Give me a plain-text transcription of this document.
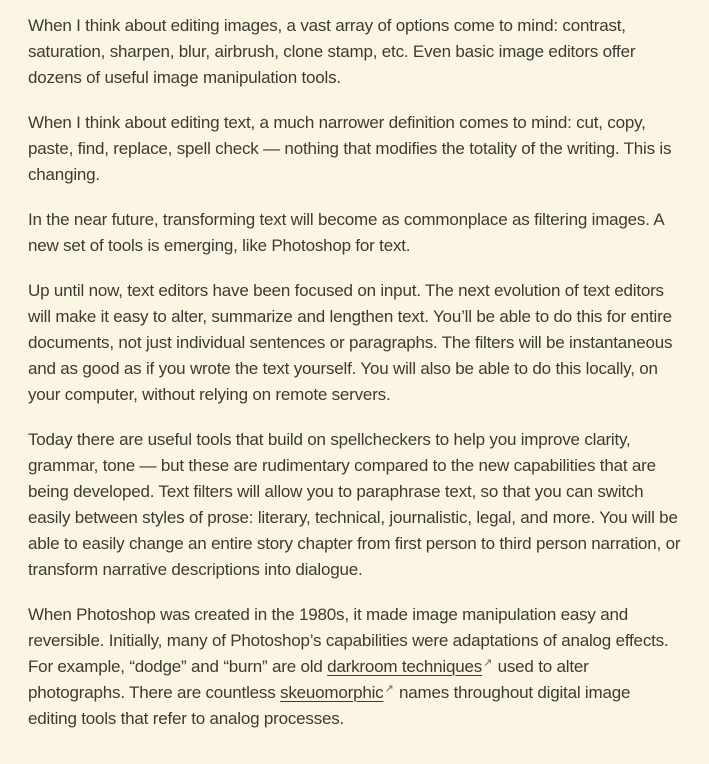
When I think about editing images, a vast array of options come to mind: contrast, saturation, sharpen, blur, airbrush, clone stamp, etc. Even basic image editors offer dozens of useful image manipulation tools.

When I think about editing text, a much narrower definition comes to mind: cut, copy, paste, find, replace, spell check — nothing that modifies the totality of the writing. This is changing.

In the near future, transforming text will become as commonplace as filtering images. A new set of tools is emerging, like Photoshop for text.

Up until now, text editors have been focused on input. The next evolution of text editors will make it easy to alter, summarize and lengthen text. You’ll be able to do this for entire documents, not just individual sentences or paragraphs. The filters will be instantaneous and as good as if you wrote the text yourself. You will also be able to do this locally, on your computer, without relying on remote servers.

Today there are useful tools that build on spellcheckers to help you improve clarity, grammar, tone — but these are rudimentary compared to the new capabilities that are being developed. Text filters will allow you to paraphrase text, so that you can switch easily between styles of prose: literary, technical, journalistic, legal, and more. You will be able to easily change an entire story chapter from first person to third person narration, or transform narrative descriptions into dialogue.

When Photoshop was created in the 1980s, it made image manipulation easy and reversible. Initially, many of Photoshop’s capabilities were adaptations of analog effects. For example, “dodge” and “burn” are old darkroom techniques↗ used to alter photographs. There are countless skeuomorphic↗ names throughout digital image editing tools that refer to analog processes.
